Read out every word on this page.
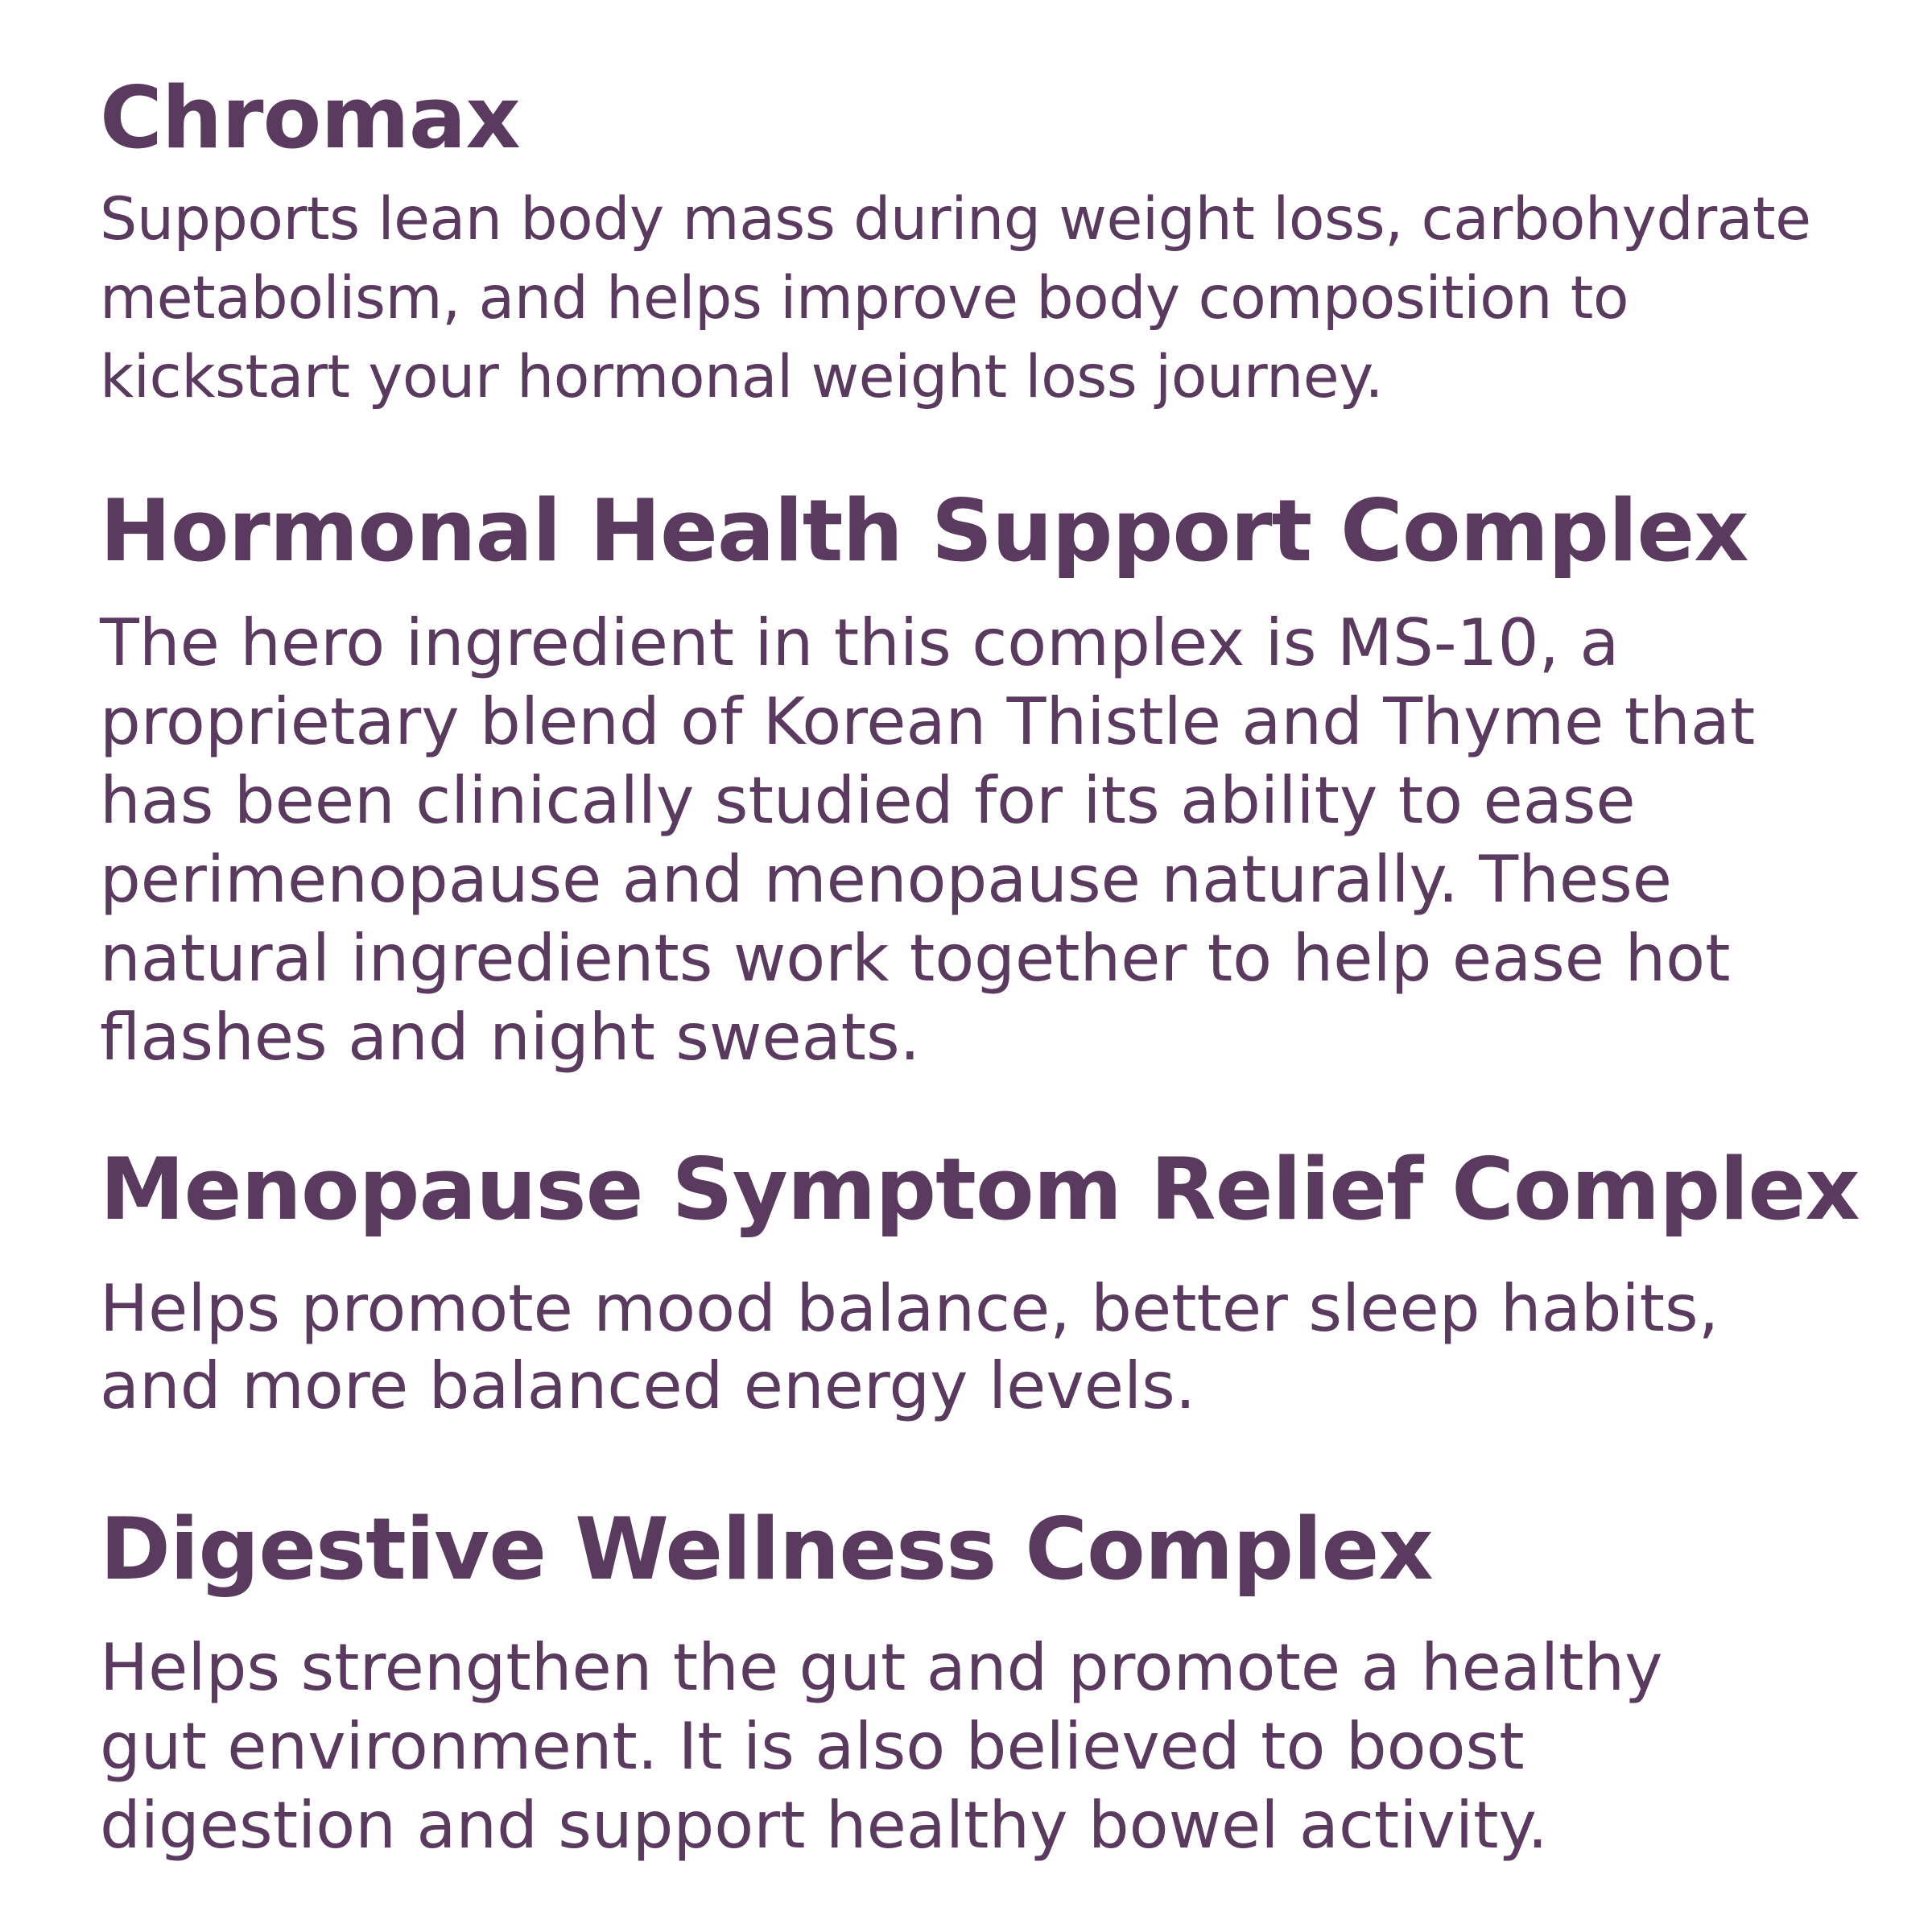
Chromax

Supports lean body mass during weight loss, carbohydrate
metabolism, and helps improve body composition to
kickstart your hormonal weight loss journey.

Hormonal Health Support Complex

The hero ingredient in this complex is MS-10, a
proprietary blend of Korean Thistle and Thyme that
has been clinically studied for its ability to ease
perimenopause and menopause naturally. These
natural ingredients work together to help ease hot
flashes and night sweats.

Menopause Symptom Relief Complex

Helps promote mood balance, better sleep habits,
and more balanced energy levels.

Digestive Wellness Complex

Helps strengthen the gut and promote a healthy
gut environment. It is also believed to boost
digestion and support healthy bowel activity.
